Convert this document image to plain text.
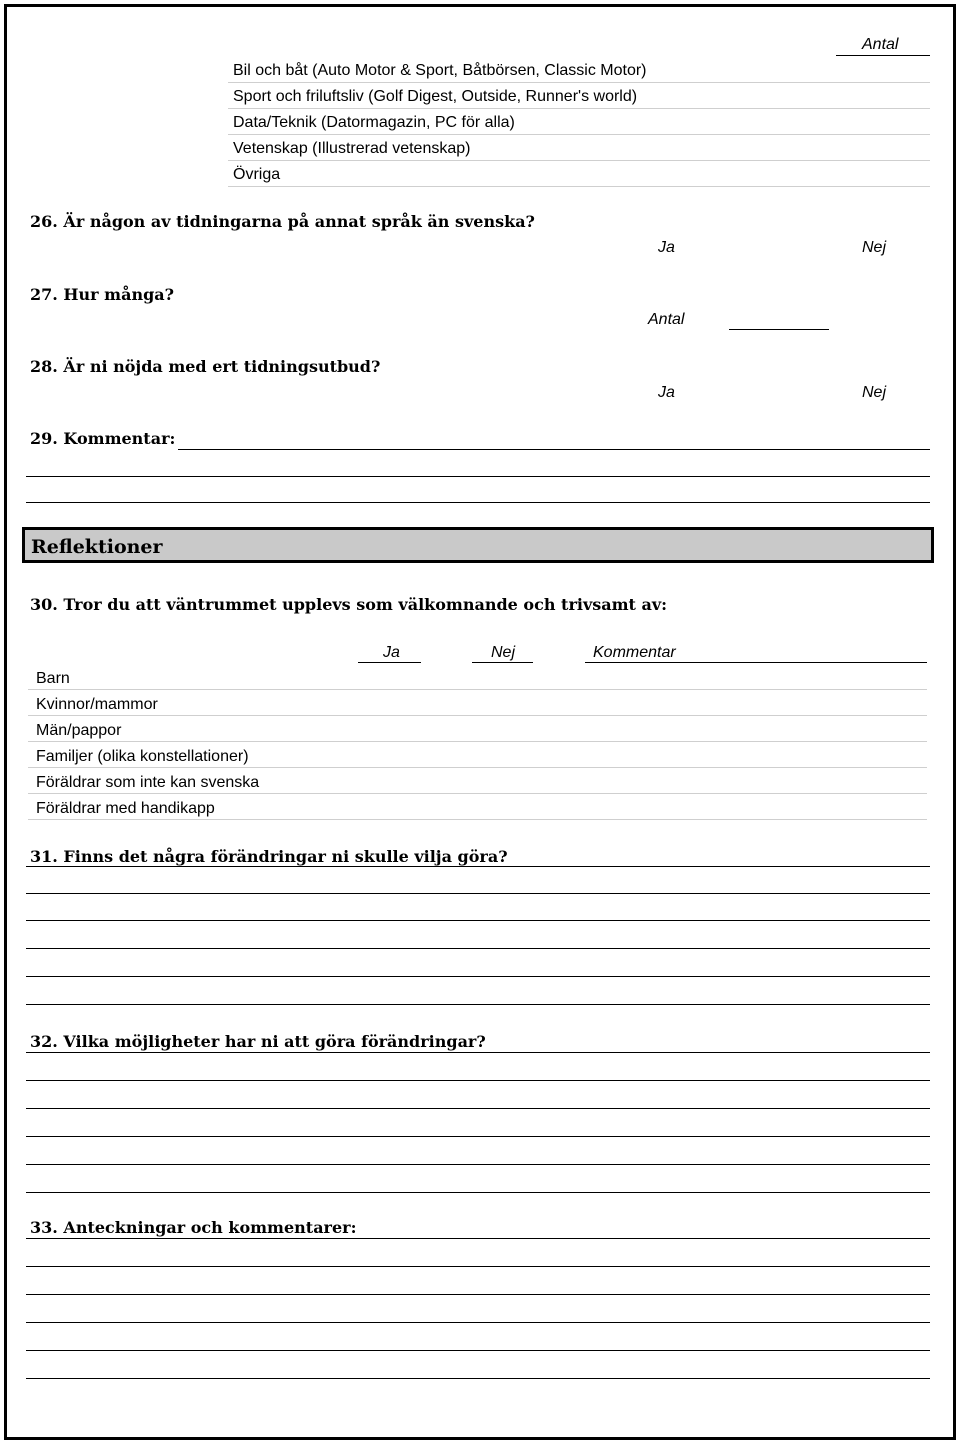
Antal
Bil och båt (Auto Motor & Sport, Båtbörsen, Classic Motor)
Sport och friluftsliv (Golf Digest, Outside, Runner's world)
Data/Teknik (Datormagazin, PC för alla)
Vetenskap (Illustrerad vetenskap)
Övriga
26. Är någon av tidningarna på annat språk än svenska?
Ja	Nej
27. Hur många?
Antal
28. Är ni nöjda med ert tidningsutbud?
Ja	Nej
29. Kommentar:
Reflektioner
30. Tror du att väntrummet upplevs som välkomnande och trivsamt av:
Ja	Nej	Kommentar
Barn
Kvinnor/mammor
Män/pappor
Familjer (olika konstellationer)
Föräldrar som inte kan svenska
Föräldrar med handikapp
31. Finns det några förändringar ni skulle vilja göra?
32. Vilka möjligheter har ni att göra förändringar?
33. Anteckningar och kommentarer:
